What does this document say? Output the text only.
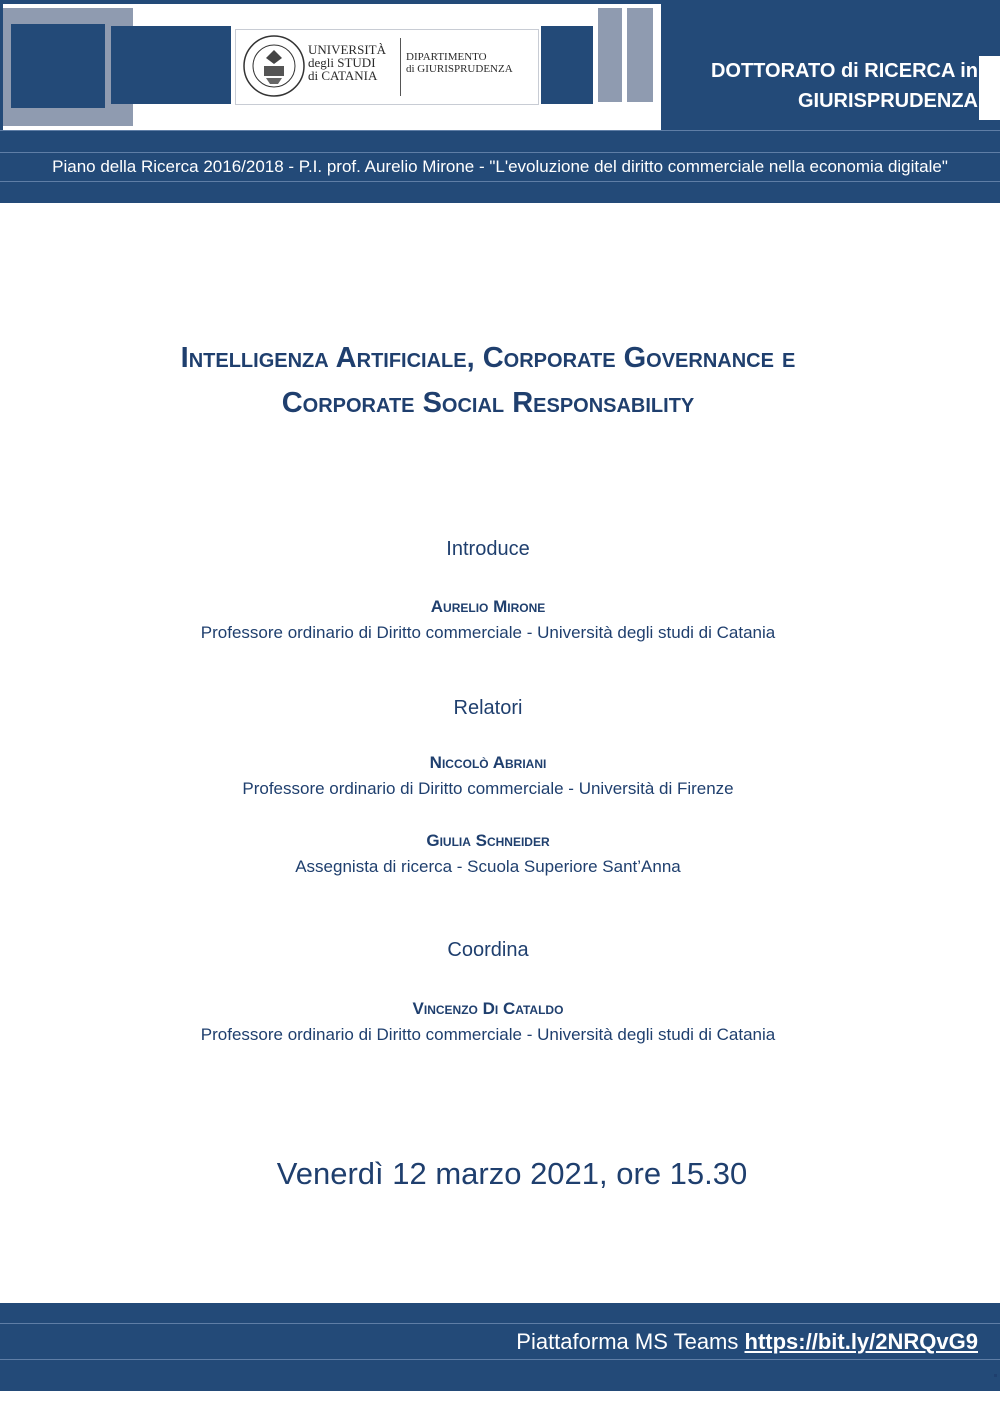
UNIVERSITÀ
degli STUDI
di CATANIA
DIPARTIMENTO
di GIURISPRUDENZA	DOTTORATO di RICERCA in
GIURISPRUDENZA
Piano della Ricerca 2016/2018 - P.I. prof. Aurelio Mirone - "L'evoluzione del diritto commerciale nella economia digitale"
Intelligenza Artificiale, Corporate Governance e
Corporate Social Responsability
Introduce
Aurelio Mirone
Professore ordinario di Diritto commerciale - Università degli studi di Catania
Relatori
Niccolò Abriani
Professore ordinario di Diritto commerciale - Università di Firenze
Giulia Schneider
Assegnista di ricerca - Scuola Superiore Sant’Anna
Coordina
Vincenzo Di Cataldo
Professore ordinario di Diritto commerciale - Università degli studi di Catania
Venerdì 12 marzo 2021, ore 15.30
Piattaforma MS Teams https://bit.ly/2NRQvG9
